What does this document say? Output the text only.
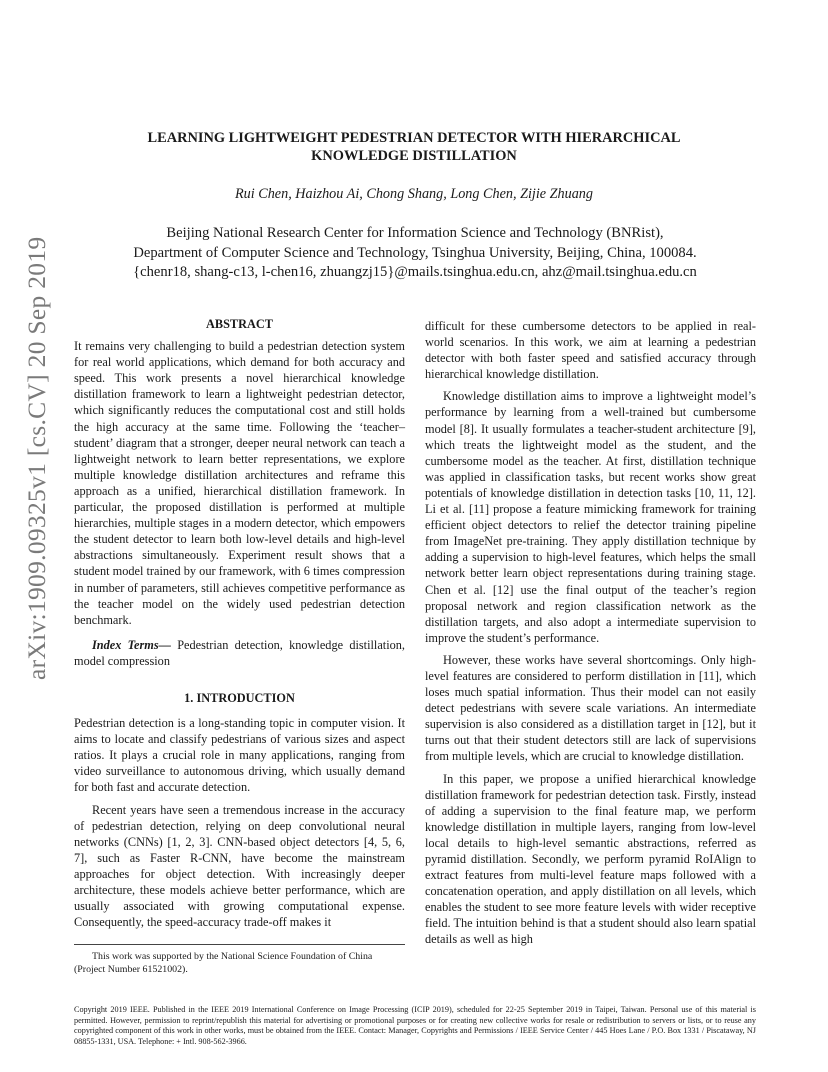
arXiv:1909.09325v1 [cs.CV] 20 Sep 2019
LEARNING LIGHTWEIGHT PEDESTRIAN DETECTOR WITH HIERARCHICAL
KNOWLEDGE DISTILLATION
Rui Chen, Haizhou Ai, Chong Shang, Long Chen, Zijie Zhuang
Beijing National Research Center for Information Science and Technology (BNRist),
Department of Computer Science and Technology, Tsinghua University, Beijing, China, 100084.
{chenr18, shang-c13, l-chen16, zhuangzj15}@mails.tsinghua.edu.cn, ahz@mail.tsinghua.edu.cn
ABSTRACT

It remains very challenging to build a pedestrian detection system for real world applications, which demand for both accuracy and speed. This work presents a novel hierarchical knowledge distillation framework to learn a lightweight pedestrian detector, which significantly reduces the computational cost and still holds the high accuracy at the same time. Following the ‘teacher–student’ diagram that a stronger, deeper neural network can teach a lightweight network to learn better representations, we explore multiple knowledge distillation architectures and reframe this approach as a unified, hierarchical distillation framework. In particular, the proposed distillation is performed at multiple hierarchies, multiple stages in a modern detector, which empowers the student detector to learn both low-level details and high-level abstractions simultaneously. Experiment result shows that a student model trained by our framework, with 6 times compression in number of parameters, still achieves competitive performance as the teacher model on the widely used pedestrian detection benchmark.

Index Terms— Pedestrian detection, knowledge distillation, model compression

1. INTRODUCTION

Pedestrian detection is a long-standing topic in computer vision. It aims to locate and classify pedestrians of various sizes and aspect ratios. It plays a crucial role in many applications, ranging from video surveillance to autonomous driving, which usually demand for both fast and accurate detection.

Recent years have seen a tremendous increase in the accuracy of pedestrian detection, relying on deep convolutional neural networks (CNNs) [1, 2, 3]. CNN-based object detectors [4, 5, 6, 7], such as Faster R-CNN, have become the mainstream approaches for object detection. With increasingly deeper architecture, these models achieve better performance, which are usually associated with growing computational expense. Consequently, the speed-accuracy trade-off makes it

difficult for these cumbersome detectors to be applied in real-world scenarios. In this work, we aim at learning a pedestrian detector with both faster speed and satisfied accuracy through hierarchical knowledge distillation.

Knowledge distillation aims to improve a lightweight model’s performance by learning from a well-trained but cumbersome model [8]. It usually formulates a teacher-student architecture [9], which treats the lightweight model as the student, and the cumbersome model as the teacher. At first, distillation technique was applied in classification tasks, but recent works show great potentials of knowledge distillation in detection tasks [10, 11, 12]. Li et al. [11] propose a feature mimicking framework for training efficient object detectors to relief the detector training pipeline from ImageNet pre-training. They apply distillation technique by adding a supervision to high-level features, which helps the small network better learn object representations during training stage. Chen et al. [12] use the final output of the teacher’s region proposal network and region classification network as the distillation targets, and also adopt a intermediate supervision to improve the student’s performance.

However, these works have several shortcomings. Only high-level features are considered to perform distillation in [11], which loses much spatial information. Thus their model can not easily detect pedestrians with severe scale variations. An intermediate supervision is also considered as a distillation target in [12], but it turns out that their student detectors still are lack of supervisions from multiple levels, which are crucial to knowledge distillation.

In this paper, we propose a unified hierarchical knowledge distillation framework for pedestrian detection task. Firstly, instead of adding a supervision to the final feature map, we perform knowledge distillation in multiple layers, ranging from low-level local details to high-level semantic abstractions, referred as pyramid distillation. Secondly, we perform pyramid RoIAlign to extract features from multi-level feature maps followed with a concatenation operation, and apply distillation on all levels, which enables the student to see more feature levels with wider receptive field. The intuition behind is that a student should also learn spatial details as well as high

This work was supported by the National Science Foundation of China (Project Number 61521002).

Copyright 2019 IEEE. Published in the IEEE 2019 International Conference on Image Processing (ICIP 2019), scheduled for 22-25 September 2019 in Taipei, Taiwan. Personal use of this material is permitted. However, permission to reprint/republish this material for advertising or promotional purposes or for creating new collective works for resale or redistribution to servers or lists, or to reuse any copyrighted component of this work in other works, must be obtained from the IEEE. Contact: Manager, Copyrights and Permissions / IEEE Service Center / 445 Hoes Lane / P.O. Box 1331 / Piscataway, NJ 08855-1331, USA. Telephone: + Intl. 908-562-3966.
